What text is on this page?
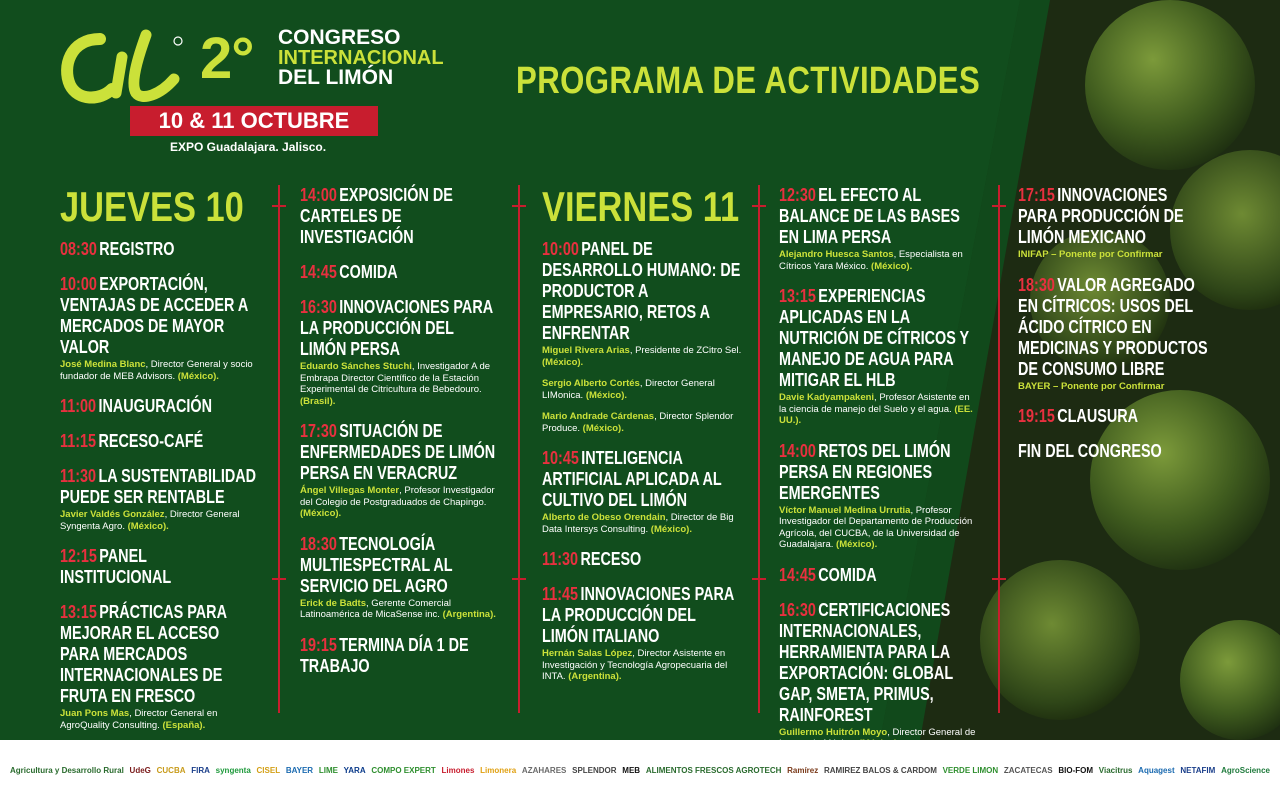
2° CONGRESO
INTERNACIONAL
DEL LIMÓN
10 & 11 OCTUBRE
EXPO Guadalajara. Jalisco.
PROGRAMA DE ACTIVIDADES
JUEVES 10
08:30 REGISTRO
10:00 EXPORTACIÓN, VENTAJAS DE ACCEDER A MERCADOS DE MAYOR VALOR
José Medina Blanc, Director General y socio fundador de MEB Advisors. (México).
11:00 INAUGURACIÓN
11:15 RECESO-CAFÉ
11:30 LA SUSTENTABILIDAD PUEDE SER RENTABLE
Javier Valdés González, Director General Syngenta Agro. (México).
12:15 PANEL INSTITUCIONAL
13:15 PRÁCTICAS PARA MEJORAR EL ACCESO PARA MERCADOS INTERNACIONALES DE FRUTA EN FRESCO
Juan Pons Mas, Director General en AgroQuality Consulting. (España).
14:00 EXPOSICIÓN DE CARTELES DE INVESTIGACIÓN
14:45 COMIDA
16:30 INNOVACIONES PARA LA PRODUCCIÓN DEL LIMÓN PERSA
Eduardo Sánches Stuchi, Investigador A de Embrapa Director Científico de la Estación Experimental de Citricultura de Bebedouro. (Brasil).
17:30 SITUACIÓN DE ENFERMEDADES DE LIMÓN PERSA EN VERACRUZ
Ángel Villegas Monter, Profesor Investigador del Colegio de Postgraduados de Chapingo. (México).
18:30 TECNOLOGÍA MULTIESPECTRAL AL SERVICIO DEL AGRO
Erick de Badts, Gerente Comercial Latinoamérica de MicaSense inc. (Argentina).
19:15 TERMINA DÍA 1 DE TRABAJO
VIERNES 11
10:00 PANEL DE DESARROLLO HUMANO: DE PRODUCTOR A EMPRESARIO, RETOS A ENFRENTAR
Miguel Rivera Arias, Presidente de ZCitro Sel. (México).
Sergio Alberto Cortés, Director General LIMonica. (México).
Mario Andrade Cárdenas, Director Splendor Produce. (México).
10:45 INTELIGENCIA ARTIFICIAL APLICADA AL CULTIVO DEL LIMÓN
Alberto de Obeso Orendain, Director de Big Data Intersys Consulting. (México).
11:30 RECESO
11:45 INNOVACIONES PARA LA PRODUCCIÓN DEL LIMÓN ITALIANO
Hernán Salas López, Director Asistente en Investigación y Tecnología Agropecuaria del INTA. (Argentina).
12:30 EL EFECTO AL BALANCE DE LAS BASES EN LIMA PERSA
Alejandro Huesca Santos, Especialista en Cítricos Yara México. (México).
13:15 EXPERIENCIAS APLICADAS EN LA NUTRICIÓN DE CÍTRICOS Y MANEJO DE AGUA PARA MITIGAR EL HLB
Davie Kadyampakeni, Profesor Asistente en la ciencia de manejo del Suelo y el agua. (EE. UU.).
14:00 RETOS DEL LIMÓN PERSA EN REGIONES EMERGENTES
Víctor Manuel Medina Urrutia, Profesor Investigador del Departamento de Producción Agrícola, del CUCBA, de la Universidad de Guadalajara. (México).
14:45 COMIDA
16:30 CERTIFICACIONES INTERNACIONALES, HERRAMIENTA PARA LA EXPORTACIÓN: GLOBAL GAP, SMETA, PRIMUS, RAINFOREST
Guillermo Huitrón Moyo, Director General de
17:15 INNOVACIONES PARA PRODUCCIÓN DE LIMÓN MEXICANO
INIFAP – Ponente por Confirmar
18:30 VALOR AGREGADO EN CÍTRICOS: USOS DEL ÁCIDO CÍTRICO EN MEDICINAS Y PRODUCTOS DE CONSUMO LIBRE
BAYER – Ponente por Confirmar
19:15 CLAUSURA
FIN DEL CONGRESO
Agricultura y Desarrollo Rural UdeG CUCBA FIRA syngenta CISEL BAYER LIME YARA COMPO EXPERT Limones Limonera AZAHARES SPLENDOR MEB ALIMENTOS FRESCOS AGROTECH Ramírez RAMIREZ BALOS & CARDOM VERDE LIMON ZACATECAS BIO-FOM Viacitrus Aquagest NETAFIM AgroScience
